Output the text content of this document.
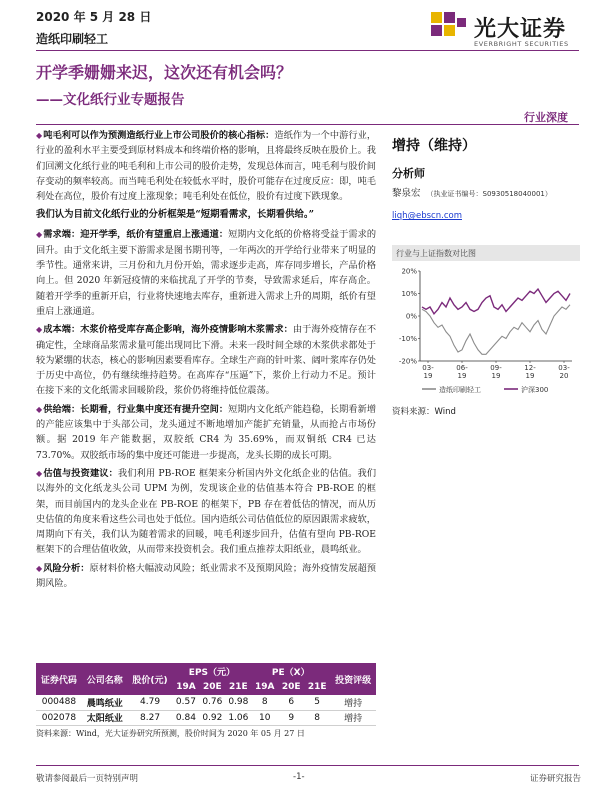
2020 年 5 月 28 日
造纸印刷轻工	光大证券
EVERBRIGHT SECURITIES
开学季姗姗来迟，这次还有机会吗？
——文化纸行业专题报告
行业深度

◆吨毛利可以作为预测造纸行业上市公司股价的核心指标：造纸作为一个中游行业，行业的盈利水平主要受到原材料成本和终端价格的影响，且将最终反映在股价上。我们回溯文化纸行业的吨毛利和上市公司的股价走势，发现总体而言，吨毛利与股价间存变动的频率较高。而当吨毛利处在较低水平时，股价可能存在过度反应：即，吨毛利处在高位，股价有过度上涨现象；吨毛利处在低位，股价有过度下跌现象。

我们认为目前文化纸行业的分析框架是“短期看需求，长期看供给。”

◆需求端：迎开学季，纸价有望重启上涨通道：短期内文化纸的价格将受益于需求的回升。由于文化纸主要下游需求是图书期刊等，一年两次的开学给行业带来了明显的季节性。通常来讲，三月份和九月份开始，需求逐步走高，库存同步增长，产品价格向上。但 2020 年新冠疫情的来临扰乱了开学的节奏，导致需求延后，库存高企。随着开学季的重新开启，行业将快速地去库存，重新进入需求上升的周期，纸价有望重启上涨通道。

◆成本端：木浆价格受库存高企影响，海外疫情影响木浆需求：由于海外疫情存在不确定性，全球商品浆需求量可能出现同比下滑。未来一段时间全球的木浆供求都处于较为紧绷的状态，核心的影响因素要看库存。全球生产商的针叶浆、阔叶浆库存仍处于历史中高位，仍有继续维持趋势。在高库存“压逼”下，浆价上行动力不足。预计在接下来的文化纸需求回暖阶段，浆价仍将维持低位震荡。

◆供给端：长期看，行业集中度还有提升空间：短期内文化纸产能趋稳，长期看新增的产能应该集中于头部公司，龙头通过不断地增加产能扩充销量，从而抢占市场份额。据 2019 年产能数据，双胶纸 CR4 为 35.69%，而双铜纸 CR4 已达 73.70%。双胶纸市场的集中度还可能进一步提高，龙头长期的成长可期。

◆估值与投资建议：我们利用 PB-ROE 框架来分析国内外文化纸企业的估值。我们以海外的文化纸龙头公司 UPM 为例，发现该企业的估值基本符合 PB-ROE 的框架，而目前国内的龙头企业在 PB-ROE 的框架下，PB 存在着低估的情况，而从历史估值的角度来看这些公司也处于低位。国内造纸公司估值低位的原因跟需求疲软，周期向下有关，我们认为随着需求的回暖，吨毛利逐步回升，估值有望向 PB-ROE 框架下的合理估值收敛，从而带来投资机会。我们重点推荐太阳纸业，晨鸣纸业。

◆风险分析：原材料价格大幅波动风险；纸业需求不及预期风险；海外疫情发展超预期风险。

增持（维持）
分析师
黎泉宏 （执业证书编号：S0930518040001）
liqh@ebscn.com
行业与上证指数对比图
20%
10%
0%
-10%
-20%
03-
19
06-
19
09-
19
12-
19
03-
20
造纸印刷轻工	沪深300
资料来源：Wind
证券代码	公司名称	股价(元)	EPS（元）			PE（X）			投资评级
			19A	20E	21E	19A	20E	21E	
000488	晨鸣纸业	4.79	0.57	0.76	0.98	8	6	5	增持
002078	太阳纸业	8.27	0.84	0.92	1.06	10	9	8	增持
资料来源：Wind，光大证券研究所预测，股价时间为 2020 年 05 月 27 日
敬请参阅最后一页特别声明	-1-	证券研究报告
